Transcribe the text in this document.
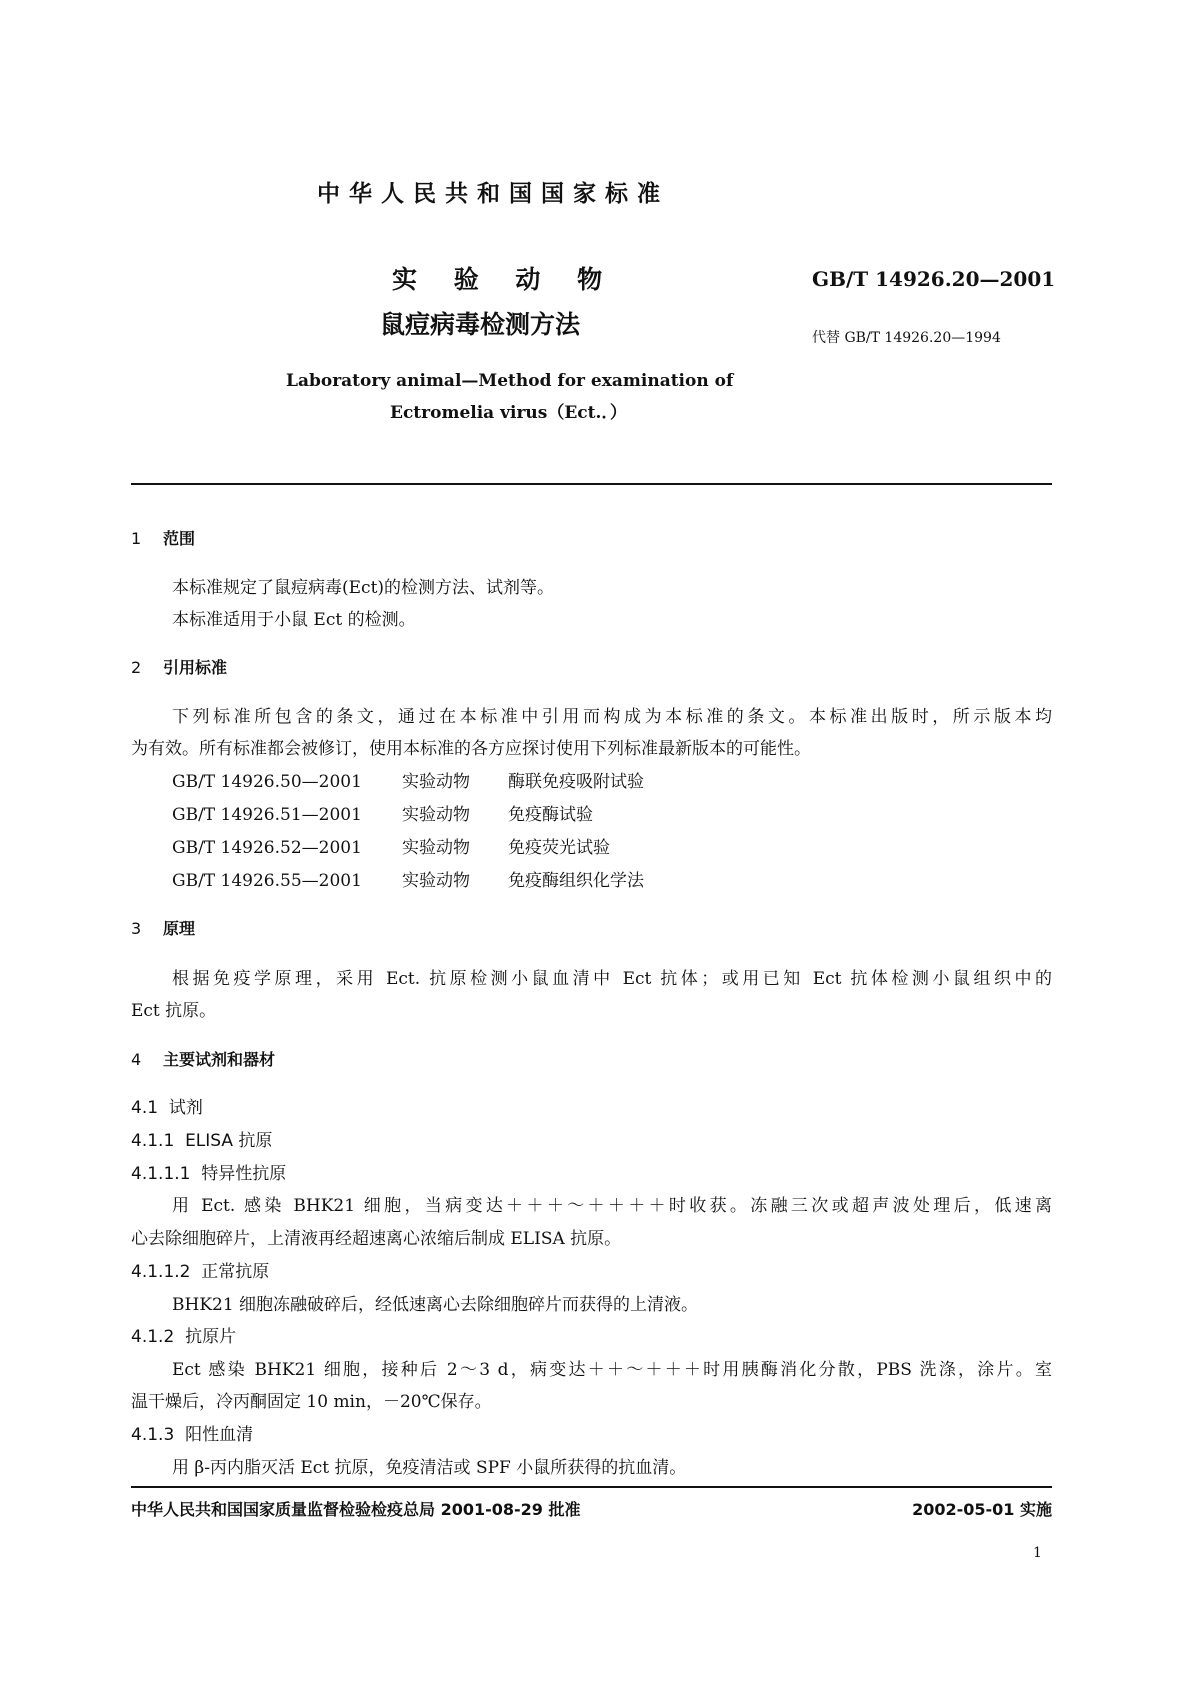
中华人民共和国国家标准
实 验 动 物
鼠痘病毒检测方法
GB/T 14926.20—2001
代替 GB/T 14926.20—1994
Laboratory animal—Method for examination of
Ectromelia virus（Ect.．）
1 范围
本标准规定了鼠痘病毒(Ect)的检测方法、试剂等。
本标准适用于小鼠 Ect 的检测。
2 引用标准
下列标准所包含的条文，通过在本标准中引用而构成为本标准的条文。本标准出版时，所示版本均
为有效。所有标准都会被修订，使用本标准的各方应探讨使用下列标准最新版本的可能性。
GB/T 14926.50—2001 实验动物 酶联免疫吸附试验
GB/T 14926.51—2001 实验动物 免疫酶试验
GB/T 14926.52—2001 实验动物 免疫荧光试验
GB/T 14926.55—2001 实验动物 免疫酶组织化学法
3 原理
根据免疫学原理，采用 Ect. 抗原检测小鼠血清中 Ect 抗体；或用已知 Ect 抗体检测小鼠组织中的
Ect 抗原。
4 主要试剂和器材
4.1  试剂
4.1.1  ELISA 抗原
4.1.1.1  特异性抗原
用 Ect. 感染 BHK21 细胞，当病变达＋＋＋～＋＋＋＋时收获。冻融三次或超声波处理后，低速离
心去除细胞碎片，上清液再经超速离心浓缩后制成 ELISA 抗原。
4.1.1.2  正常抗原
BHK21 细胞冻融破碎后，经低速离心去除细胞碎片而获得的上清液。
4.1.2  抗原片
Ect 感染 BHK21 细胞，接种后 2～3 d，病变达＋＋～＋＋＋时用胰酶消化分散，PBS 洗涤，涂片。室
温干燥后，冷丙酮固定 10 min，－20℃保存。
4.1.3  阳性血清
用 β-丙内脂灭活 Ect 抗原，免疫清洁或 SPF 小鼠所获得的抗血清。
中华人民共和国国家质量监督检验检疫总局 2001-08-29 批准	2002-05-01 实施
1
